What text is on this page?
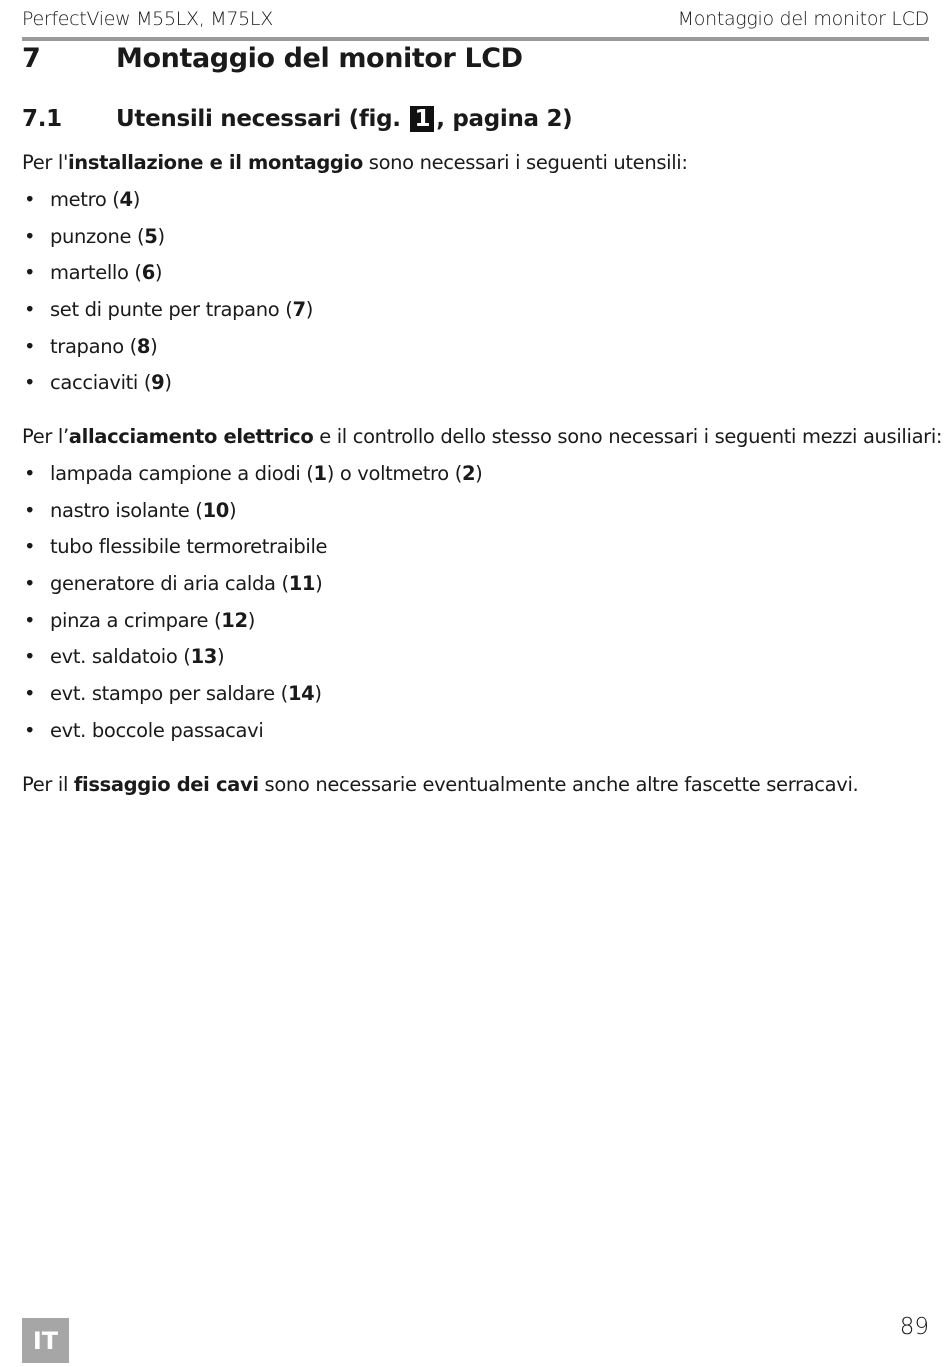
PerfectView M55LX, M75LX	Montaggio del monitor LCD
7	Montaggio del monitor LCD
7.1 Utensili necessari (fig. 1 , pagina 2)
Per l'installazione e il montaggio sono necessari i seguenti utensili:
• metro (4)
• punzone (5)
• martello (6)
• set di punte per trapano (7)
• trapano (8)
• cacciaviti (9)
Per l’allacciamento elettrico e il controllo dello stesso sono necessari i seguenti mezzi ausiliari:
• lampada campione a diodi (1) o voltmetro (2)
• nastro isolante (10)
• tubo flessibile termoretraibile
• generatore di aria calda (11)
• pinza a crimpare (12)
• evt. saldatoio (13)
• evt. stampo per saldare (14)
• evt. boccole passacavi
Per il fissaggio dei cavi sono necessarie eventualmente anche altre fascette serracavi.
IT	89
